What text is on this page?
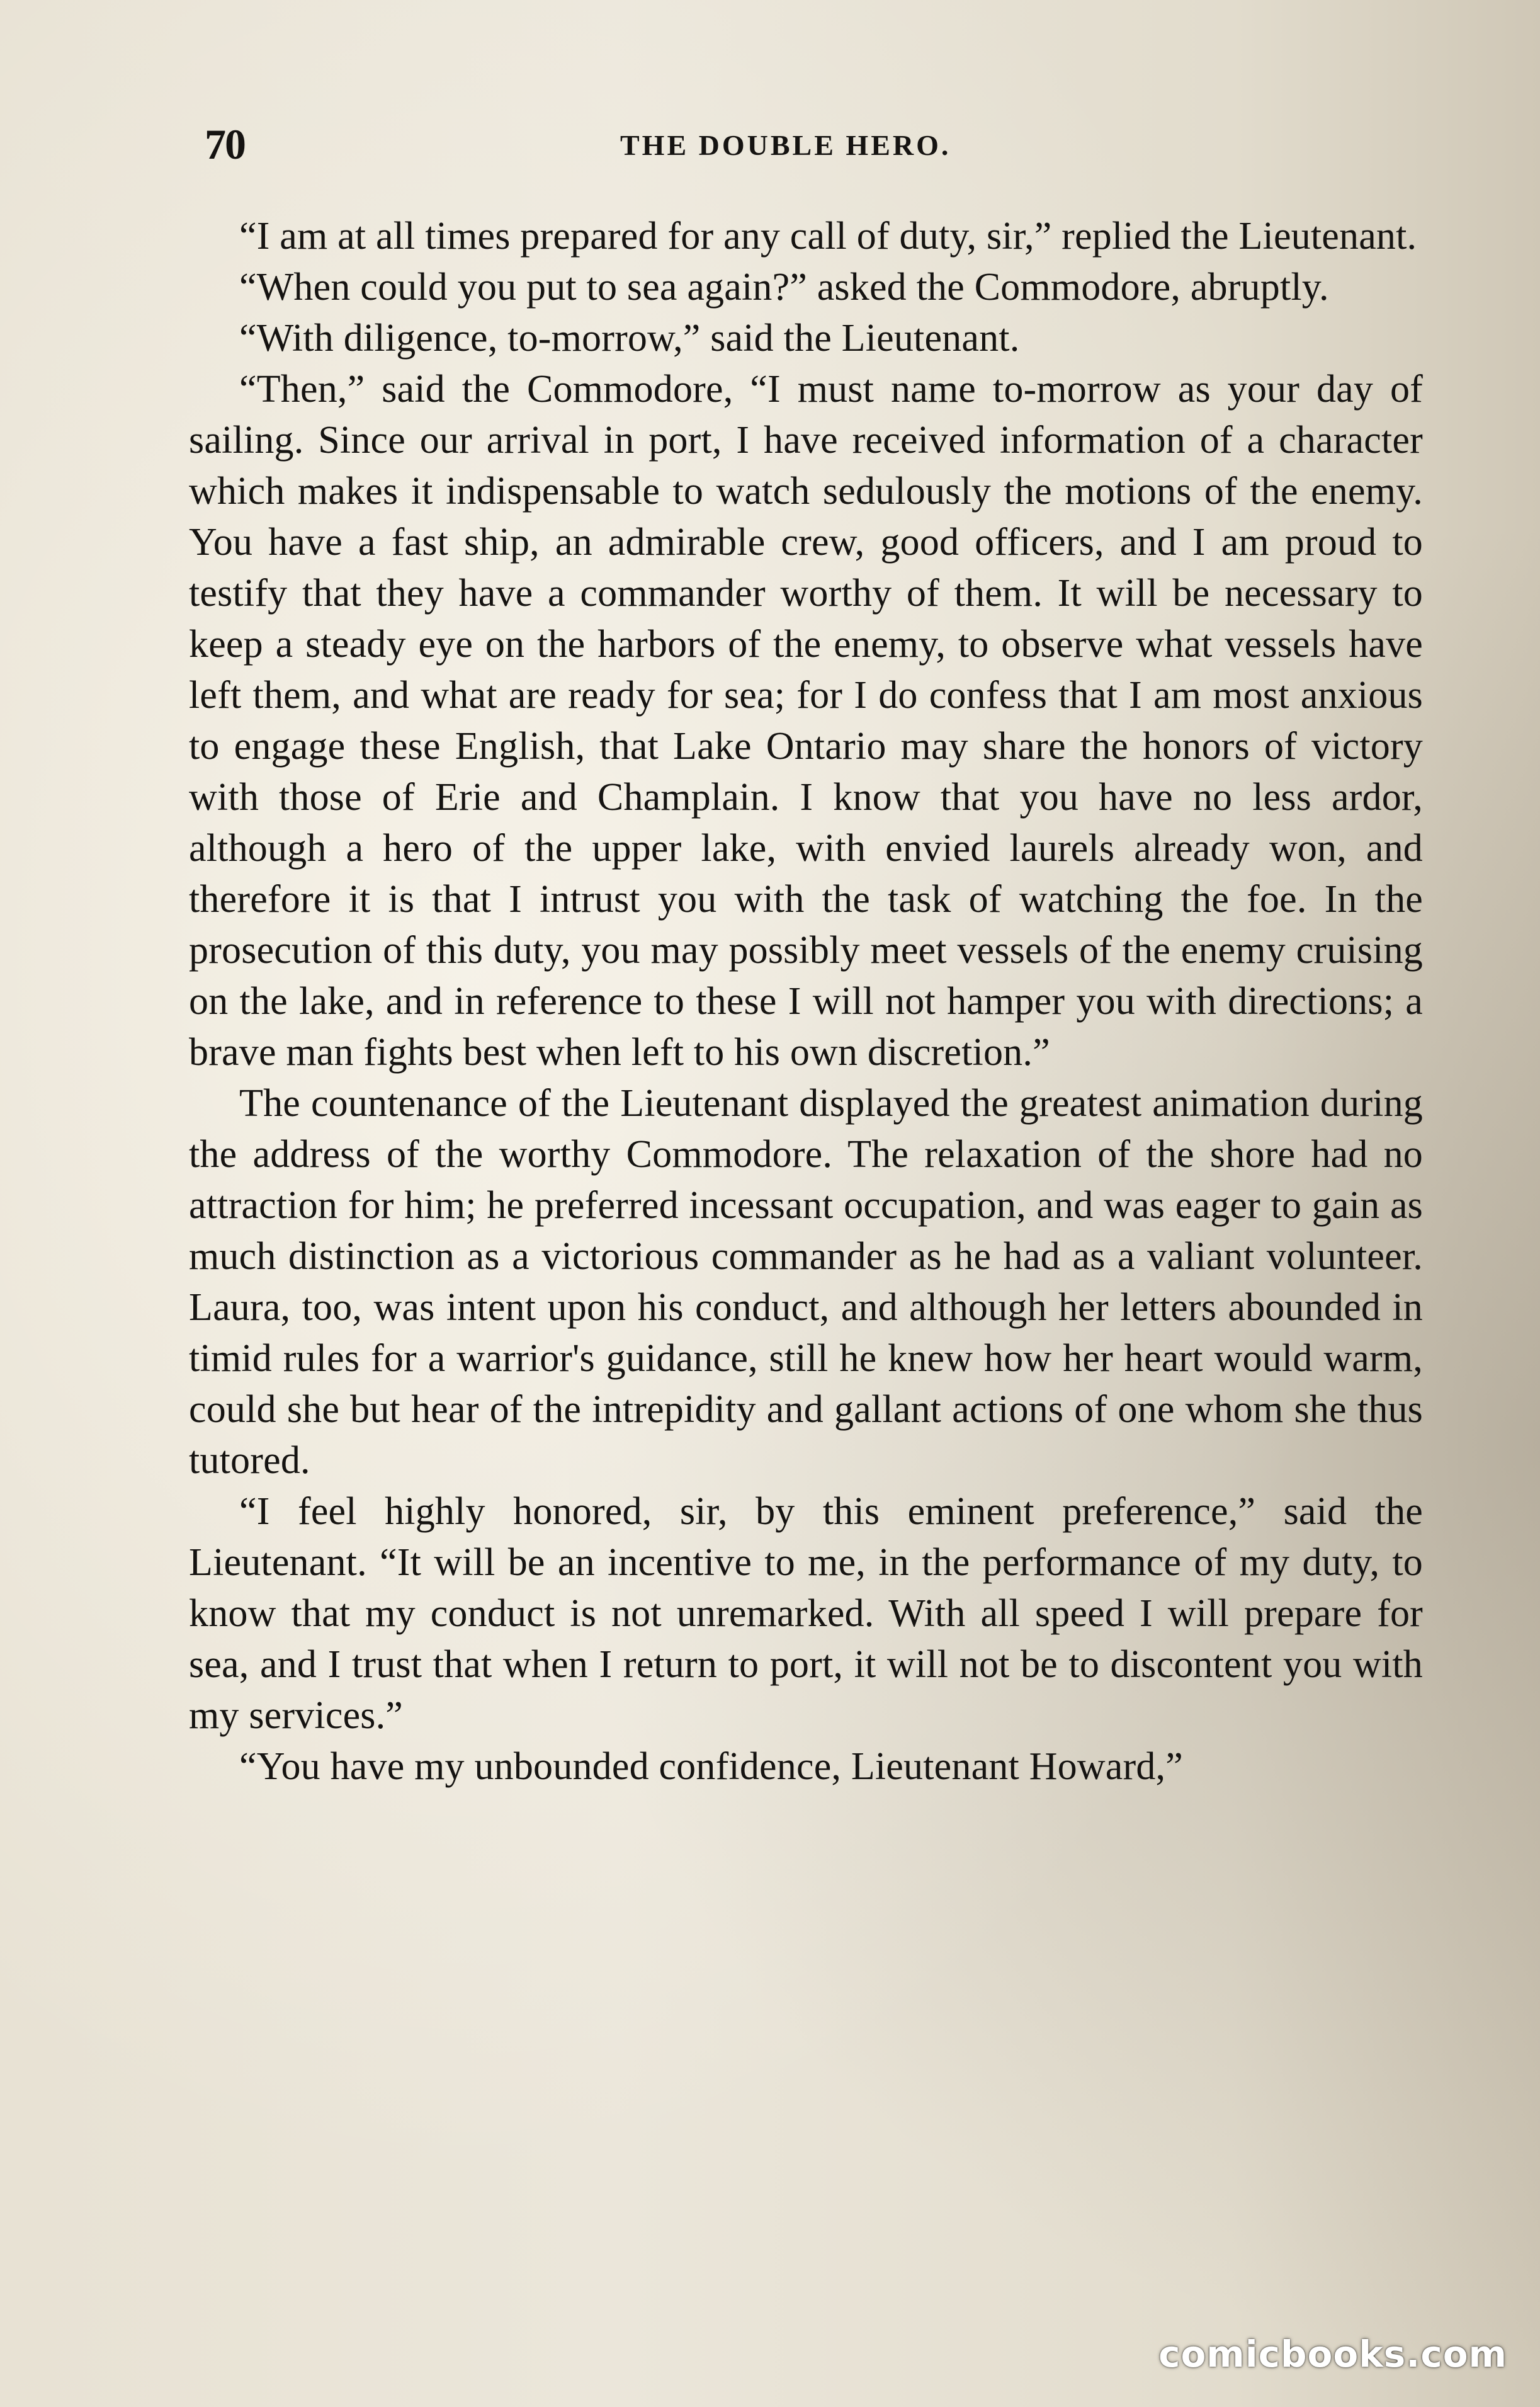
70	THE DOUBLE HERO.

“I am at all times prepared for any call of duty, sir,” replied the Lieutenant.

“When could you put to sea again?” asked the Commodore, abruptly.

“With diligence, to-morrow,” said the Lieutenant.

“Then,” said the Commodore, “I must name to-morrow as your day of sailing. Since our arrival in port, I have received information of a character which makes it indispensable to watch sedulously the motions of the enemy. You have a fast ship, an admirable crew, good officers, and I am proud to testify that they have a commander worthy of them. It will be necessary to keep a steady eye on the harbors of the enemy, to observe what vessels have left them, and what are ready for sea; for I do confess that I am most anxious to engage these English, that Lake Ontario may share the honors of victory with those of Erie and Champlain. I know that you have no less ardor, although a hero of the upper lake, with envied laurels already won, and therefore it is that I intrust you with the task of watching the foe. In the prosecution of this duty, you may possibly meet vessels of the enemy cruising on the lake, and in reference to these I will not hamper you with directions; a brave man fights best when left to his own discretion.”

The countenance of the Lieutenant displayed the greatest animation during the address of the worthy Commodore. The relaxation of the shore had no attraction for him; he preferred incessant occupation, and was eager to gain as much distinction as a victorious commander as he had as a valiant volunteer. Laura, too, was intent upon his conduct, and although her letters abounded in timid rules for a warrior's guidance, still he knew how her heart would warm, could she but hear of the intrepidity and gallant actions of one whom she thus tutored.

“I feel highly honored, sir, by this eminent preference,” said the Lieutenant. “It will be an incentive to me, in the performance of my duty, to know that my conduct is not unremarked. With all speed I will prepare for sea, and I trust that when I return to port, it will not be to discontent you with my services.”

“You have my unbounded confidence, Lieutenant Howard,”

comicbooks.com
